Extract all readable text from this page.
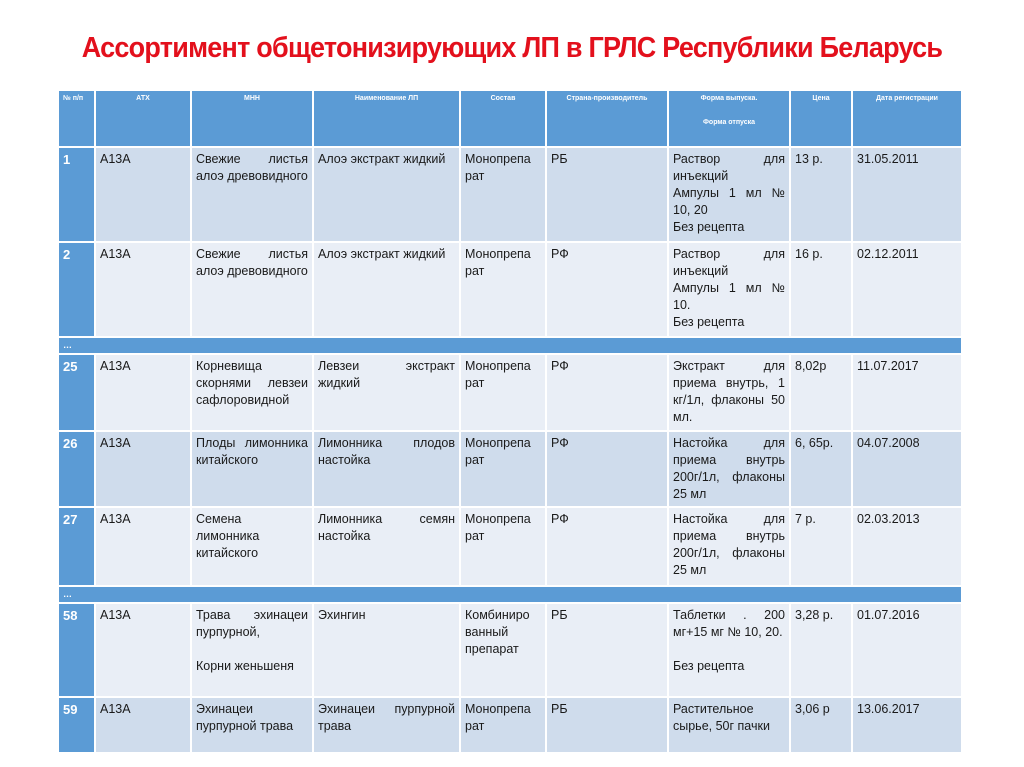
Ассортимент общетонизирующих ЛП в ГРЛС Республики Беларусь
№ п/п	АТХ	МНН	Наименование ЛП	Состав	Страна-производитель	Форма выпуска.
Форма отпуска	Цена	Дата регистрации
1	А13А	Свежие листья алоэ древовидного	Алоэ экстракт жидкий	Монопрепа рат	РБ	Раствор для инъекций
Ампулы 1 мл № 10, 20
Без рецепта	13 р.	31.05.2011
2	А13А	Свежие листья алоэ древовидного	Алоэ экстракт жидкий	Монопрепа рат	РФ	Раствор для инъекций
Ампулы 1 мл № 10.
Без рецепта	16 р.	02.12.2011
…								
25	А13А	Корневища скорнями левзеи сафлоровидной	Левзеи экстракт жидкий	Монопрепа рат	РФ	Экстракт для приема внутрь, 1 кг/1л, флаконы 50 мл.	8,02р	11.07.2017
26	А13А	Плоды лимонника китайского	Лимонника плодов настойка	Монопрепа рат	РФ	Настойка для приема внутрь 200г/1л, флаконы 25 мл	6, 65р.	04.07.2008
27	А13А	Семена лимонника китайского	Лимонника семян настойка	Монопрепа рат	РФ	Настойка для приема внутрь 200г/1л, флаконы 25 мл	7 р.	02.03.2013
…								
58	А13А	Трава эхинацеи пурпурной,
Корни женьшеня	Эхингин	Комбиниро ванный препарат	РБ	Таблетки . 200 мг+15 мг № 10, 20.
Без рецепта	3,28 р.	01.07.2016
59	А13А	Эхинацеи пурпурной трава	Эхинацеи пурпурной трава	Монопрепа рат	РБ	Растительное сырье, 50г пачки	3,06 р	13.06.2017
